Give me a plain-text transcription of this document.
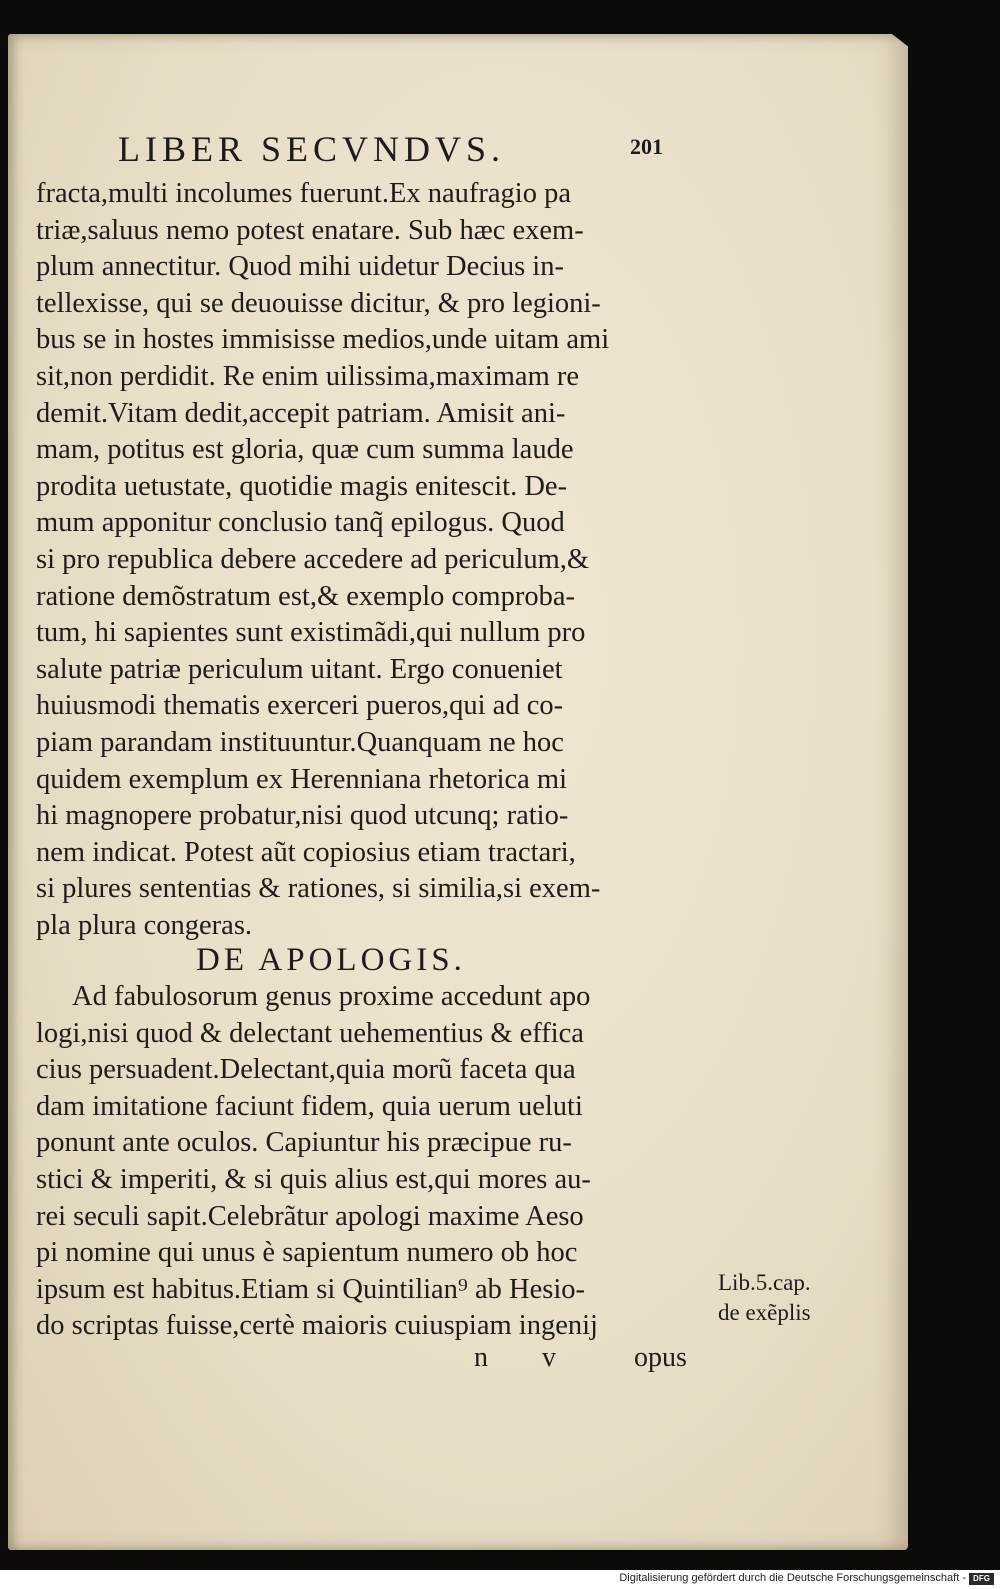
LIBER SECVNDVS.	201
fracta,multi incolumes fuerunt.Ex naufragio pa
triæ,saluus nemo potest enatare. Sub hæc exem-
plum annectitur. Quod mihi uidetur Decius in-
tellexisse, qui se deuouisse dicitur, & pro legioni-
bus se in hostes immisisse medios,unde uitam ami
sit,non perdidit. Re enim uilissima,maximam re
demit.Vitam dedit,accepit patriam. Amisit ani-
mam, potitus est gloria, quæ cum summa laude
prodita uetustate, quotidie magis enitescit. De-
mum apponitur conclusio tanq̃ epilogus. Quod
si pro republica debere accedere ad periculum,&
ratione demõstratum est,& exemplo comproba-
tum, hi sapientes sunt existimãdi,qui nullum pro
salute patriæ periculum uitant. Ergo conueniet
huiusmodi thematis exerceri pueros,qui ad co-
piam parandam instituuntur.Quanquam ne hoc
quidem exemplum ex Herenniana rhetorica mi
hi magnopere probatur,nisi quod utcunq; ratio-
nem indicat. Potest aũt copiosius etiam tractari,
si plures sententias & rationes, si similia,si exem-
pla plura congeras.
DE APOLOGIS.
Ad fabulosorum genus proxime accedunt apo
logi,nisi quod & delectant uehementius & effica
cius persuadent.Delectant,quia morũ faceta qua
dam imitatione faciunt fidem, quia uerum ueluti
ponunt ante oculos. Capiuntur his præcipue ru-
stici & imperiti, & si quis alius est,qui mores au-
rei seculi sapit.Celebrãtur apologi maxime Aeso
pi nomine qui unus è sapientum numero ob hoc
ipsum est habitus.Etiam si Quintilian⁹ ab Hesio-
do scriptas fuisse,certè maioris cuiuspiam ingenij
Lib.5.cap.
de exẽplis
n v	opus
Digitalisierung gefördert durch die Deutsche Forschungsgemeinschaft - DFG
